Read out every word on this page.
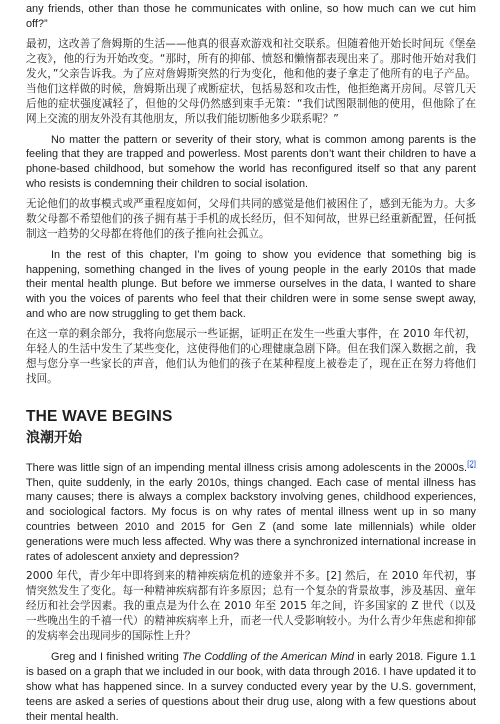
any friends, other than those he communicates with online, so how much can we cut him off?”

最初，这改善了詹姆斯的生活——他真的很喜欢游戏和社交联系。但随着他开始长时间玩《堡垒之夜》，他的行为开始改变。“那时，所有的抑郁、愤怒和懒惰都表现出来了。那时他开始对我们发火，”父亲告诉我。为了应对詹姆斯突然的行为变化，他和他的妻子拿走了他所有的电子产品。当他们这样做的时候，詹姆斯出现了戒断症状，包括易怒和攻击性，他拒绝离开房间。尽管几天后他的症状强度减轻了，但他的父母仍然感到束手无策：“我们试图限制他的使用，但他除了在网上交流的朋友外没有其他朋友，所以我们能切断他多少联系呢？”

No matter the pattern or severity of their story, what is common among parents is the feeling that they are trapped and powerless. Most parents don’t want their children to have a phone-based childhood, but somehow the world has reconfigured itself so that any parent who resists is condemning their children to social isolation.

无论他们的故事模式或严重程度如何，父母们共同的感觉是他们被困住了，感到无能为力。大多数父母都不希望他们的孩子拥有基于手机的成长经历，但不知何故，世界已经重新配置，任何抵制这一趋势的父母都在将他们的孩子推向社会孤立。

In the rest of this chapter, I’m going to show you evidence that something big is happening, something changed in the lives of young people in the early 2010s that made their mental health plunge. But before we immerse ourselves in the data, I wanted to share with you the voices of parents who feel that their children were in some sense swept away, and who are now struggling to get them back.

在这一章的剩余部分，我将向您展示一些证据，证明正在发生一些重大事件，在 2010 年代初，年轻人的生活中发生了某些变化，这使得他们的心理健康急剧下降。但在我们深入数据之前，我想与您分享一些家长的声音，他们认为他们的孩子在某种程度上被卷走了，现在正在努力将他们找回。

THE WAVE BEGINS
浪潮开始

There was little sign of an impending mental illness crisis among adolescents in the 2000s.[2] Then, quite suddenly, in the early 2010s, things changed. Each case of mental illness has many causes; there is always a complex backstory involving genes, childhood experiences, and sociological factors. My focus is on why rates of mental illness went up in so many countries between 2010 and 2015 for Gen Z (and some late millennials) while older generations were much less affected. Why was there a synchronized international increase in rates of adolescent anxiety and depression?

2000 年代，青少年中即将到来的精神疾病危机的迹象并不多。[2] 然后，在 2010 年代初，事情突然发生了变化。每一种精神疾病都有许多原因；总有一个复杂的背景故事，涉及基因、童年经历和社会学因素。我的重点是为什么在 2010 年至 2015 年之间，许多国家的 Z 世代（以及一些晚出生的千禧一代）的精神疾病率上升，而老一代人受影响较小。为什么青少年焦虑和抑郁的发病率会出现同步的国际性上升？

Greg and I finished writing The Coddling of the American Mind in early 2018. Figure 1.1 is based on a graph that we included in our book, with data through 2016. I have updated it to show what has happened since. In a survey conducted every year by the U.S. government, teens are asked a series of questions about their drug use, along with a few questions about their mental health.
